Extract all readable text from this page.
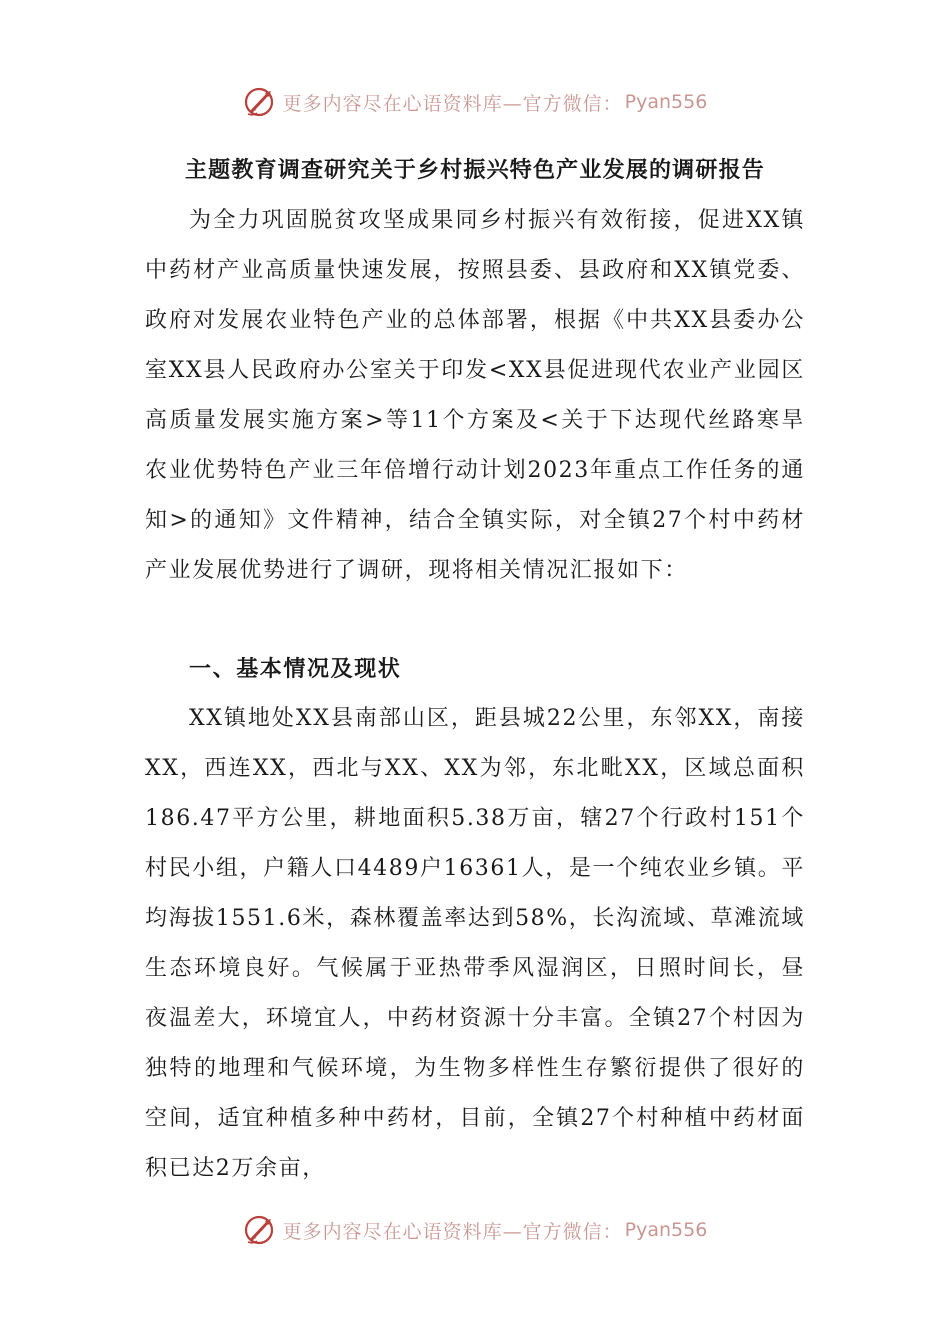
更多内容尽在心语资料库—官方微信： Pyan556
主题教育调查研究关于乡村振兴特色产业发展的调研报告

为全力巩固脱贫攻坚成果同乡村振兴有效衔接，促进XX镇中药材产业高质量快速发展，按照县委、县政府和XX镇党委、政府对发展农业特色产业的总体部署，根据《中共XX县委办公室XX县人民政府办公室关于印发<XX县促进现代农业产业园区高质量发展实施方案>等11个方案及<关于下达现代丝路寒旱农业优势特色产业三年倍增行动计划2023年重点工作任务的通知>的通知》文件精神，结合全镇实际，对全镇27个村中药材产业发展优势进行了调研，现将相关情况汇报如下：

一、基本情况及现状

XX镇地处XX县南部山区，距县城22公里，东邻XX，南接XX，西连XX，西北与XX、XX为邻，东北毗XX，区域总面积186.47平方公里，耕地面积5.38万亩，辖27个行政村151个村民小组，户籍人口4489户16361人，是一个纯农业乡镇。平均海拔1551.6米，森林覆盖率达到58%，长沟流域、草滩流域生态环境良好。气候属于亚热带季风湿润区，日照时间长，昼夜温差大，环境宜人，中药材资源十分丰富。全镇27个村因为独特的地理和气候环境，为生物多样性生存繁衍提供了很好的空间，适宜种植多种中药材，目前，全镇27个村种植中药材面积已达2万余亩，

更多内容尽在心语资料库—官方微信： Pyan556
